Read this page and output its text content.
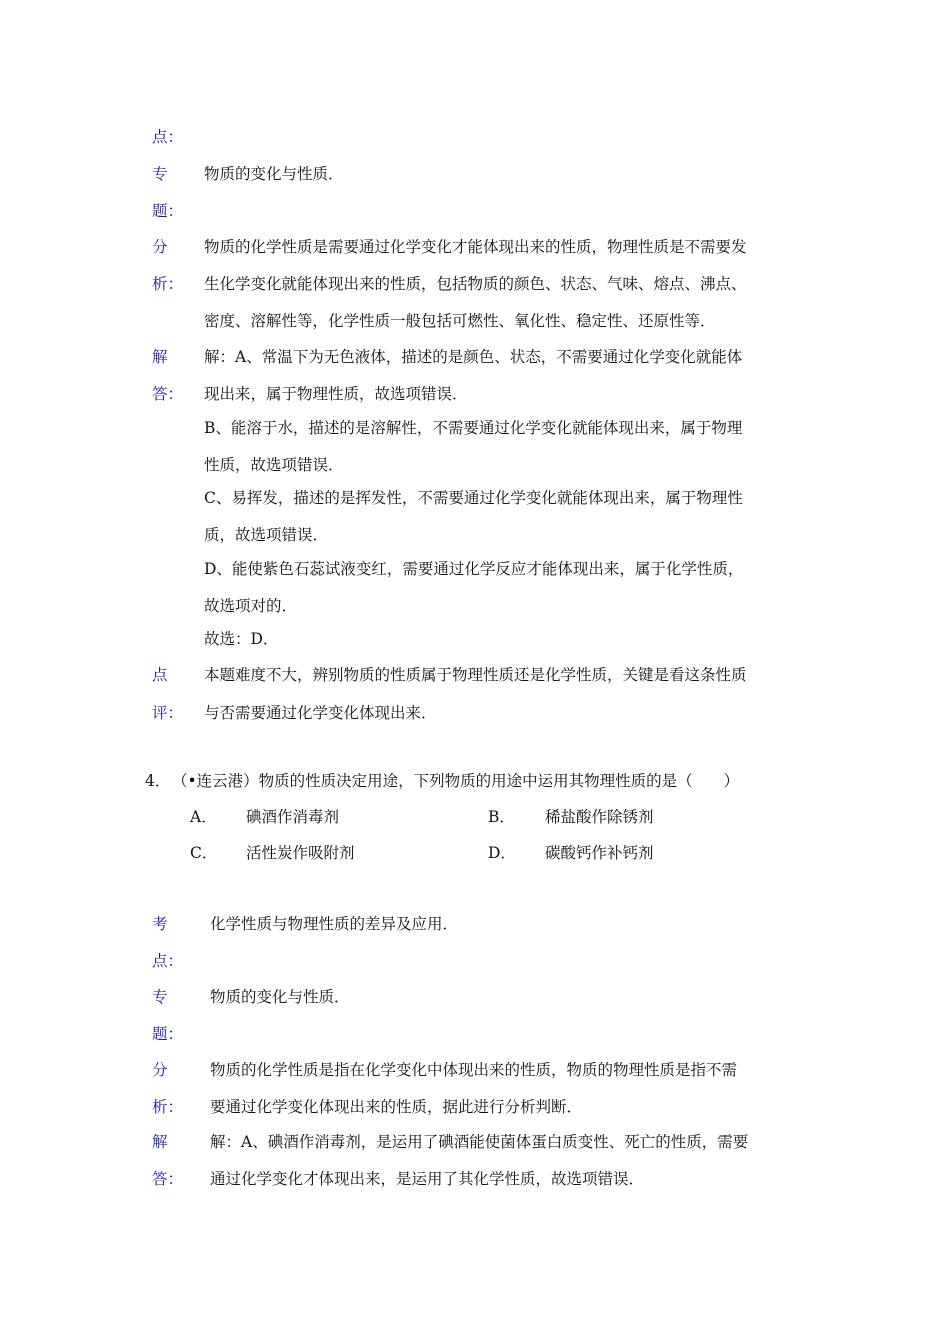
点：
专 物质的变化与性质．
题：
分 物质的化学性质是需要通过化学变化才能体现出来的性质，物理性质是不需要发
析： 生化学变化就能体现出来的性质，包括物质的颜色、状态、气味、熔点、沸点、
密度、溶解性等，化学性质一般包括可燃性、氧化性、稳定性、还原性等．
解 解：A、常温下为无色液体，描述的是颜色、状态，不需要通过化学变化就能体
答： 现出来，属于物理性质，故选项错误．
B、能溶于水，描述的是溶解性，不需要通过化学变化就能体现出来，属于物理
性质，故选项错误．
C、易挥发，描述的是挥发性，不需要通过化学变化就能体现出来，属于物理性
质，故选项错误．
D、能使紫色石蕊试液变红，需要通过化学反应才能体现出来，属于化学性质，
故选项对的．
故选：D．
点 本题难度不大，辨别物质的性质属于物理性质还是化学性质，关键是看这条性质
评： 与否需要通过化学变化体现出来．
4． （•连云港）物质的性质决定用途，下列物质的用途中运用其物理性质的是（　　）
A． 碘酒作消毒剂	B． 稀盐酸作除锈剂
C． 活性炭作吸附剂	D． 碳酸钙作补钙剂
考	化学性质与物理性质的差异及应用．
点：
专	物质的变化与性质．
题：
分	物质的化学性质是指在化学变化中体现出来的性质，物质的物理性质是指不需
析： 要通过化学变化体现出来的性质，据此进行分析判断．
解	解：A、碘酒作消毒剂，是运用了碘酒能使菌体蛋白质变性、死亡的性质，需要
答： 通过化学变化才体现出来，是运用了其化学性质，故选项错误．
